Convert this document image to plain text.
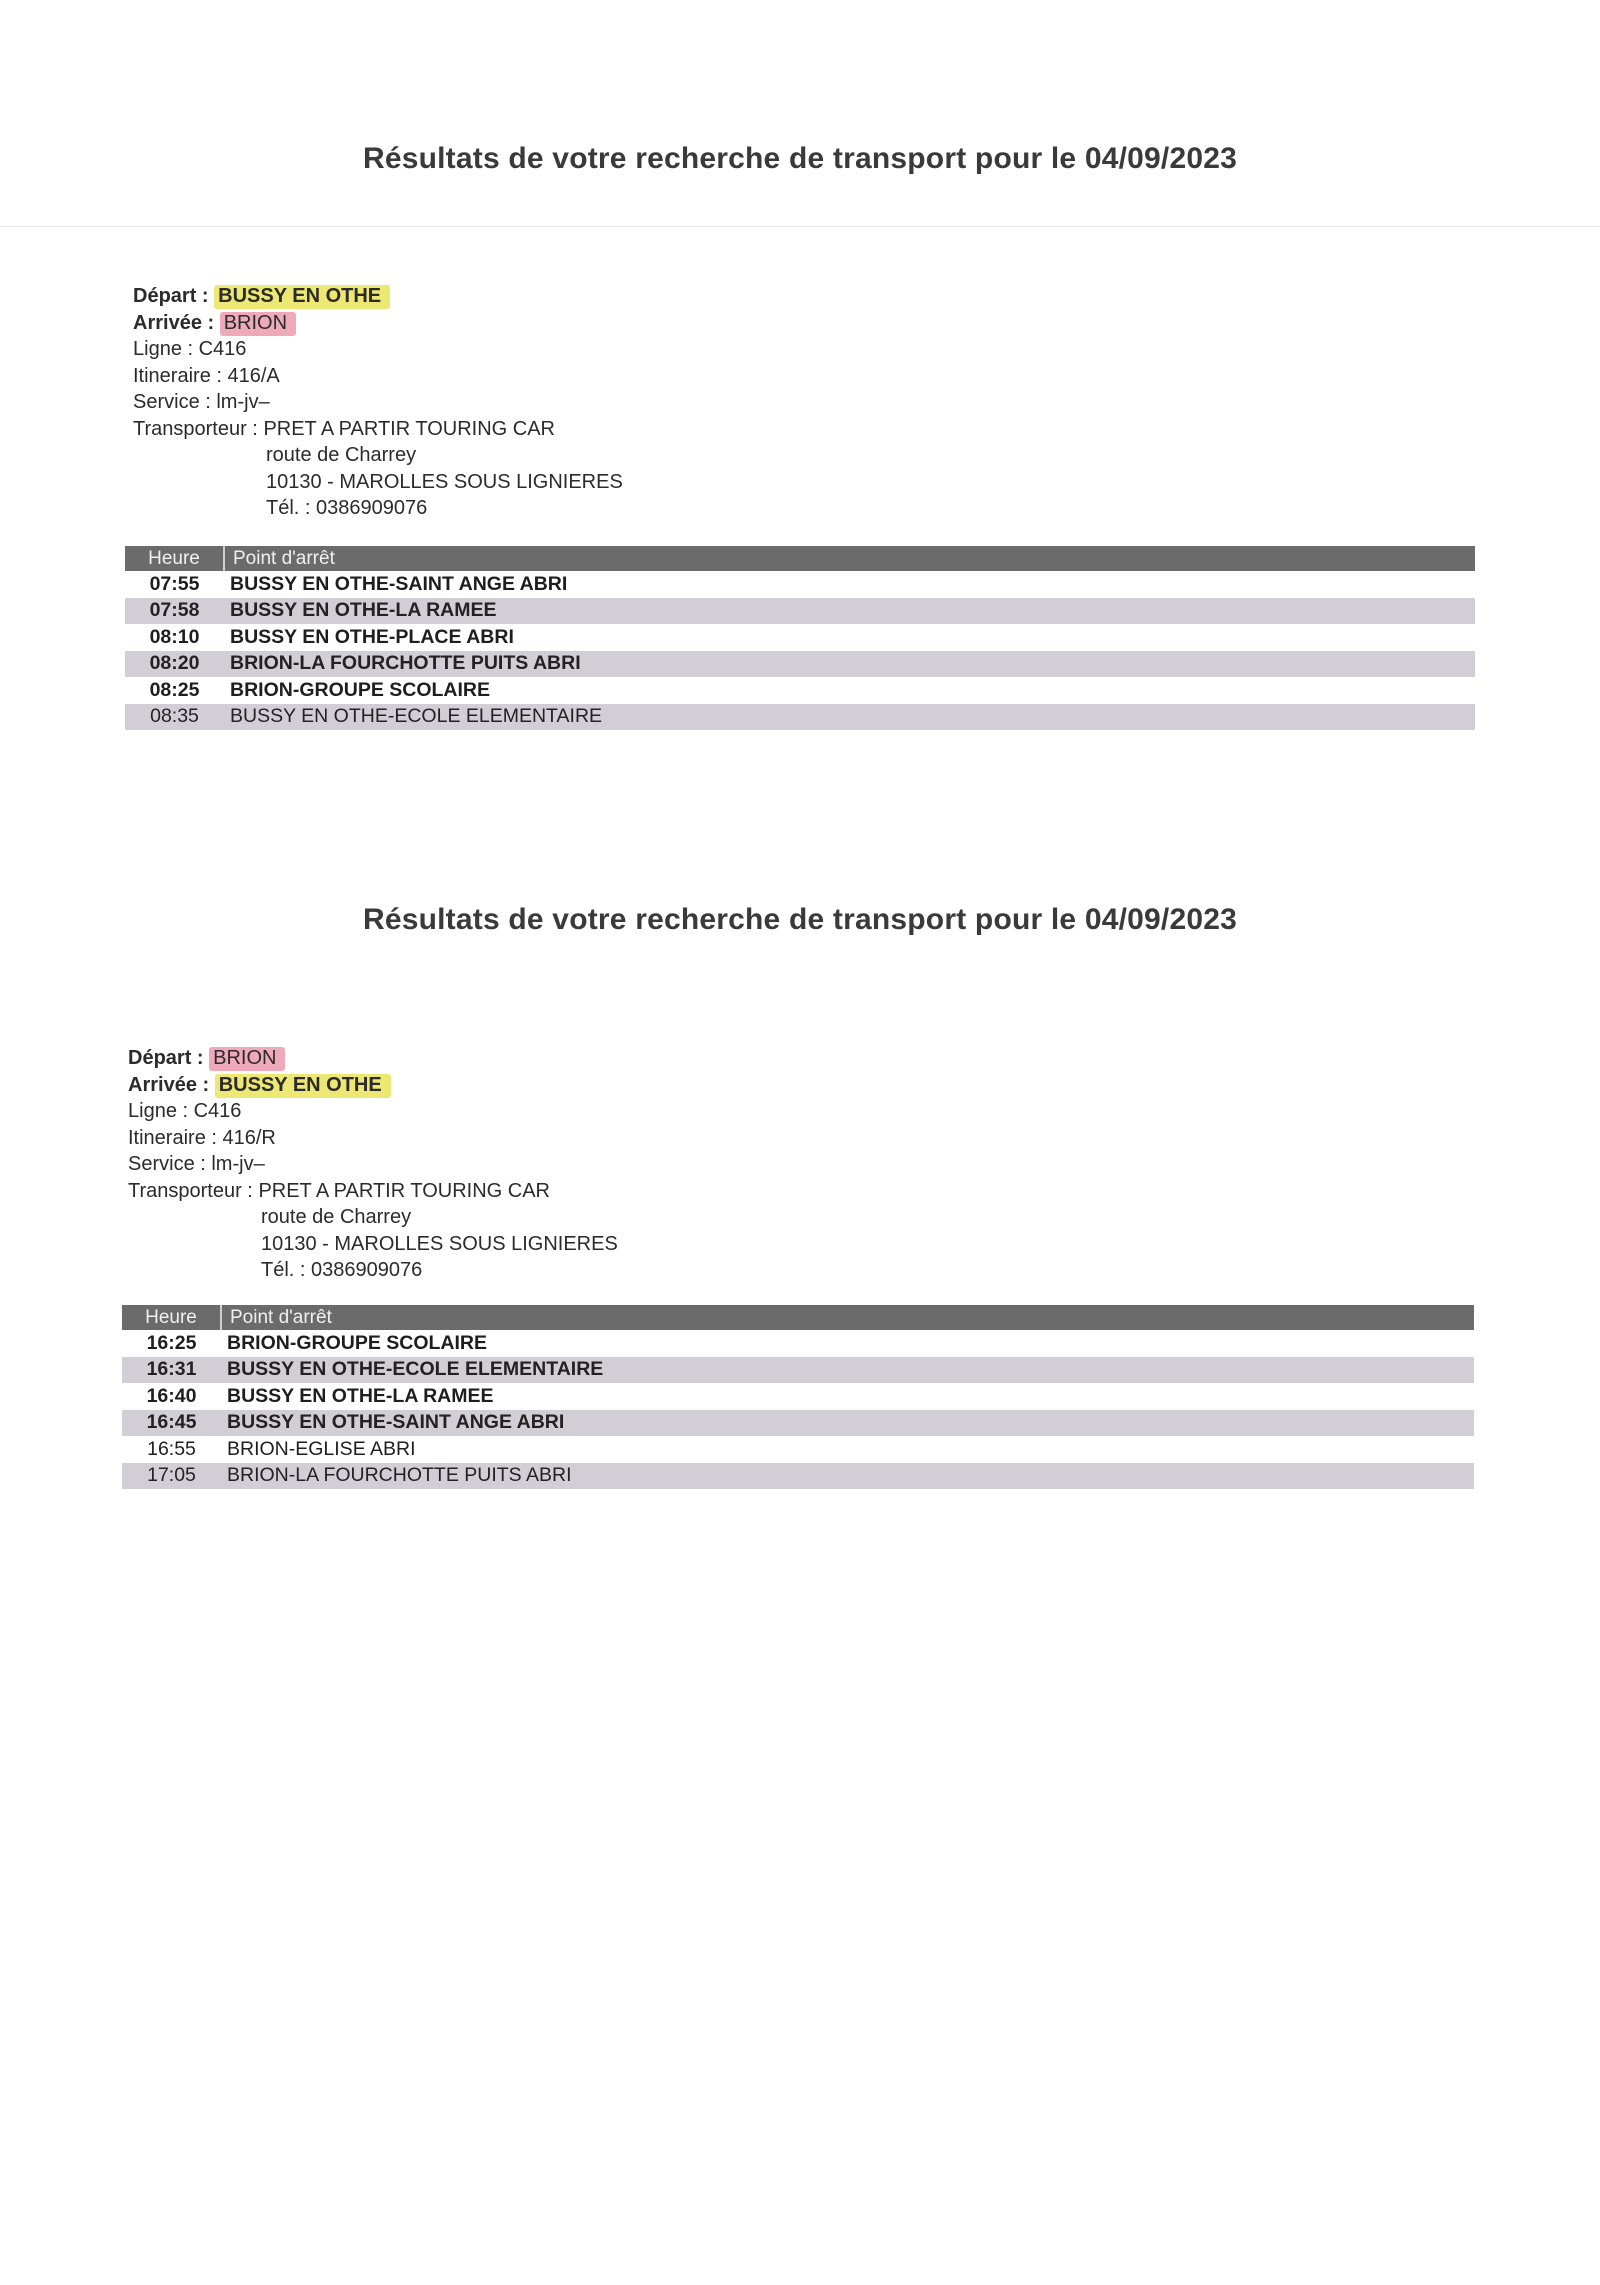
Résultats de votre recherche de transport pour le 04/09/2023
Départ : BUSSY EN OTHE
Arrivée : BRION
Ligne : C416
Itineraire : 416/A
Service : lm-jv–
Transporteur : PRET A PARTIR TOURING CAR
route de Charrey
10130 - MAROLLES SOUS LIGNIERES
Tél. : 0386909076
Heure	Point d'arrêt
07:55	BUSSY EN OTHE-SAINT ANGE ABRI
07:58	BUSSY EN OTHE-LA RAMEE
08:10	BUSSY EN OTHE-PLACE ABRI
08:20	BRION-LA FOURCHOTTE PUITS ABRI
08:25	BRION-GROUPE SCOLAIRE
08:35	BUSSY EN OTHE-ECOLE ELEMENTAIRE
Résultats de votre recherche de transport pour le 04/09/2023
Départ : BRION
Arrivée : BUSSY EN OTHE
Ligne : C416
Itineraire : 416/R
Service : lm-jv–
Transporteur : PRET A PARTIR TOURING CAR
route de Charrey
10130 - MAROLLES SOUS LIGNIERES
Tél. : 0386909076
Heure	Point d'arrêt
16:25	BRION-GROUPE SCOLAIRE
16:31	BUSSY EN OTHE-ECOLE ELEMENTAIRE
16:40	BUSSY EN OTHE-LA RAMEE
16:45	BUSSY EN OTHE-SAINT ANGE ABRI
16:55	BRION-EGLISE ABRI
17:05	BRION-LA FOURCHOTTE PUITS ABRI
